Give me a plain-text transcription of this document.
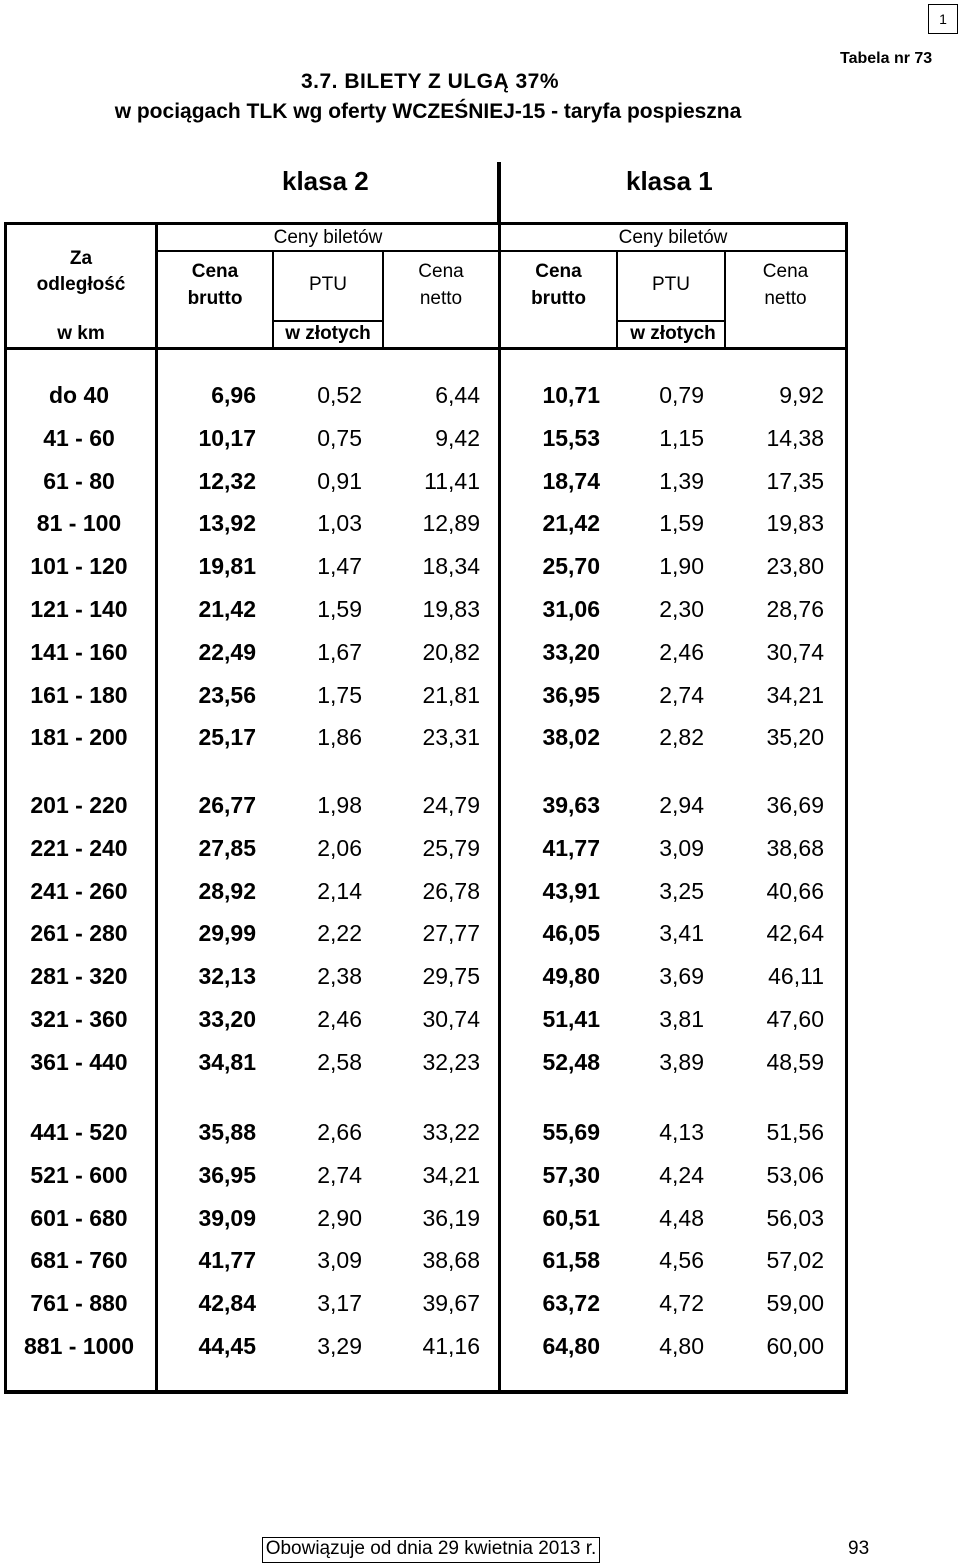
1
Tabela nr 73
3.7. BILETY Z ULGĄ 37%
w pociągach TLK wg oferty WCZEŚNIEJ-15 - taryfa pospieszna
klasa 2	klasa 1
Za
odległość
w km
Ceny biletów
Cena
brutto
PTU
Cena
netto
w złotych
Ceny biletów
Cena
brutto
PTU
Cena
netto
w złotych
do 40	6,96	0,52	6,44	10,71	0,79	9,92
41 - 60	10,17	0,75	9,42	15,53	1,15	14,38
61 - 80	12,32	0,91	11,41	18,74	1,39	17,35
81 - 100	13,92	1,03	12,89	21,42	1,59	19,83
101 - 120	19,81	1,47	18,34	25,70	1,90	23,80
121 - 140	21,42	1,59	19,83	31,06	2,30	28,76
141 - 160	22,49	1,67	20,82	33,20	2,46	30,74
161 - 180	23,56	1,75	21,81	36,95	2,74	34,21
181 - 200	25,17	1,86	23,31	38,02	2,82	35,20
201 - 220	26,77	1,98	24,79	39,63	2,94	36,69
221 - 240	27,85	2,06	25,79	41,77	3,09	38,68
241 - 260	28,92	2,14	26,78	43,91	3,25	40,66
261 - 280	29,99	2,22	27,77	46,05	3,41	42,64
281 - 320	32,13	2,38	29,75	49,80	3,69	46,11
321 - 360	33,20	2,46	30,74	51,41	3,81	47,60
361 - 440	34,81	2,58	32,23	52,48	3,89	48,59
441 - 520	35,88	2,66	33,22	55,69	4,13	51,56
521 - 600	36,95	2,74	34,21	57,30	4,24	53,06
601 - 680	39,09	2,90	36,19	60,51	4,48	56,03
681 - 760	41,77	3,09	38,68	61,58	4,56	57,02
761 - 880	42,84	3,17	39,67	63,72	4,72	59,00
881 - 1000	44,45	3,29	41,16	64,80	4,80	60,00
Obowiązuje od dnia 29 kwietnia 2013 r.	93
